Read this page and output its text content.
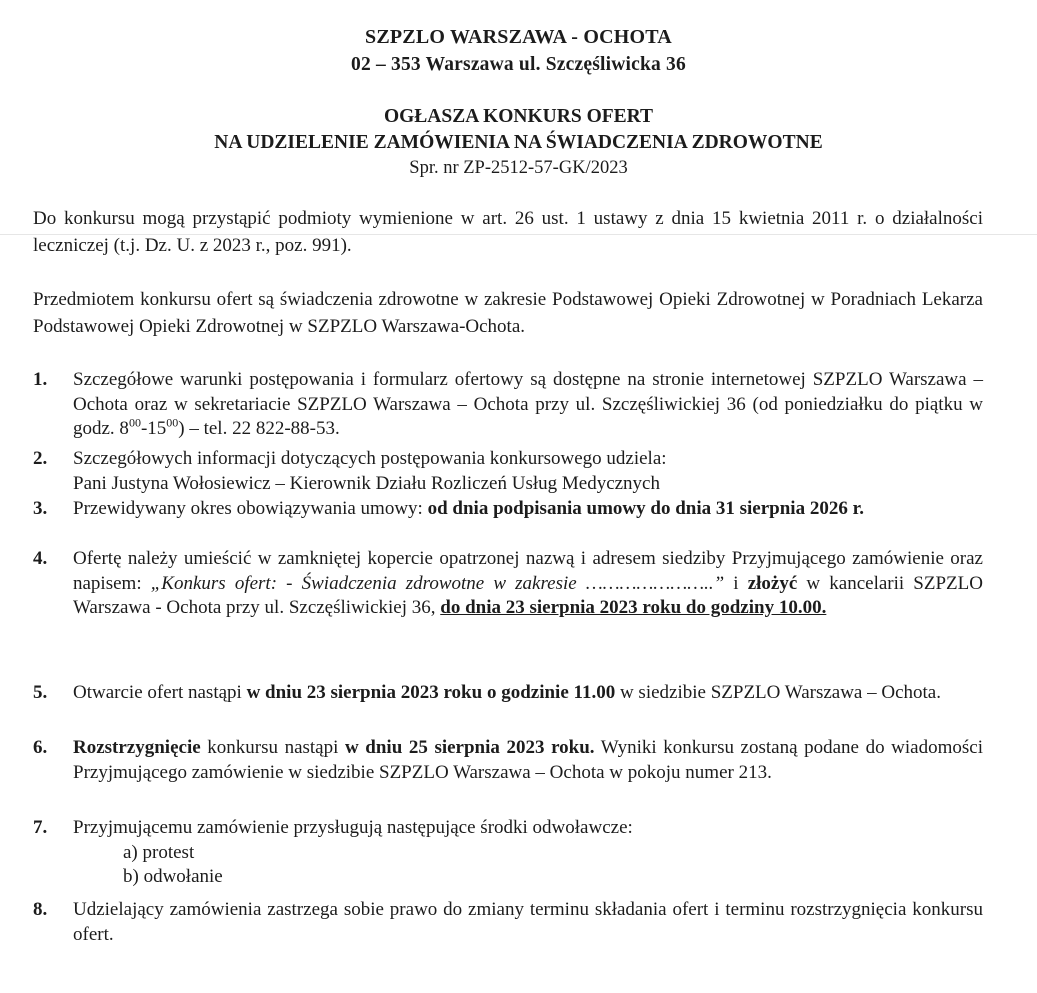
SZPZLO WARSZAWA - OCHOTA
02 – 353 Warszawa ul. Szczęśliwicka 36
OGŁASZA KONKURS OFERT
NA UDZIELENIE ZAMÓWIENIA NA ŚWIADCZENIA ZDROWOTNE
Spr. nr ZP-2512-57-GK/2023
Do konkursu mogą przystąpić podmioty wymienione w art. 26 ust. 1 ustawy z dnia 15 kwietnia 2011 r. o działalności leczniczej (t.j. Dz. U. z 2023 r., poz. 991).
Przedmiotem konkursu ofert są świadczenia zdrowotne w zakresie Podstawowej Opieki Zdrowotnej w Poradniach Lekarza Podstawowej Opieki Zdrowotnej w SZPZLO Warszawa-Ochota.
1.	Szczegółowe warunki postępowania i formularz ofertowy są dostępne na stronie internetowej SZPZLO Warszawa – Ochota oraz w sekretariacie SZPZLO Warszawa – Ochota przy ul. Szczęśliwickiej 36 (od poniedziałku do piątku w godz. $8^{00}-15^{00}$) – tel. 22 822-88-53.
2.	Szczegółowych informacji dotyczących postępowania konkursowego udziela:
Pani Justyna Wołosiewicz – Kierownik Działu Rozliczeń Usług Medycznych
3.	Przewidywany okres obowiązywania umowy: od dnia podpisania umowy do dnia 31 sierpnia 2026 r.
4.	Ofertę należy umieścić w zamkniętej kopercie opatrzonej nazwą i adresem siedziby Przyjmującego zamówienie oraz napisem: „Konkurs ofert: - Świadczenia zdrowotne w zakresie …………………..” i złożyć w kancelarii SZPZLO Warszawa - Ochota przy ul. Szczęśliwickiej 36, do dnia 23 sierpnia 2023 roku do godziny 10.00.
5.	Otwarcie ofert nastąpi w dniu 23 sierpnia 2023 roku o godzinie 11.00 w siedzibie SZPZLO Warszawa – Ochota.
6.	Rozstrzygnięcie konkursu nastąpi w dniu 25 sierpnia 2023 roku. Wyniki konkursu zostaną podane do wiadomości Przyjmującego zamówienie w siedzibie SZPZLO Warszawa – Ochota w pokoju numer 213.
7.	Przyjmującemu zamówienie przysługują następujące środki odwoławcze:
a) protest
b) odwołanie
8.	Udzielający zamówienia zastrzega sobie prawo do zmiany terminu składania ofert i terminu rozstrzygnięcia konkursu ofert.
